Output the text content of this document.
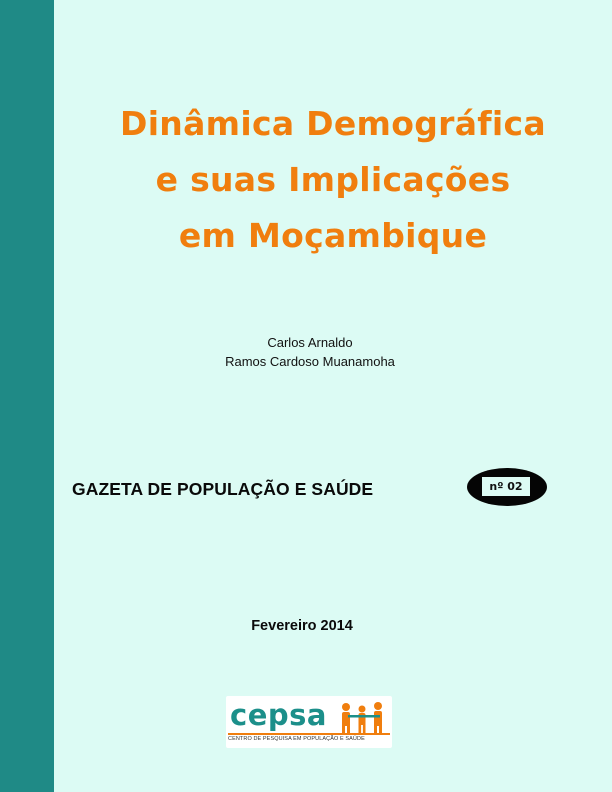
Dinâmica Demográfica
e suas Implicações
em Moçambique
Carlos Arnaldo
Ramos Cardoso Muanamoha
GAZETA DE POPULAÇÃO E SAÚDE	nº 02
Fevereiro 2014
cepsa
CENTRO DE PESQUISA EM POPULAÇÃO E SAÚDE
